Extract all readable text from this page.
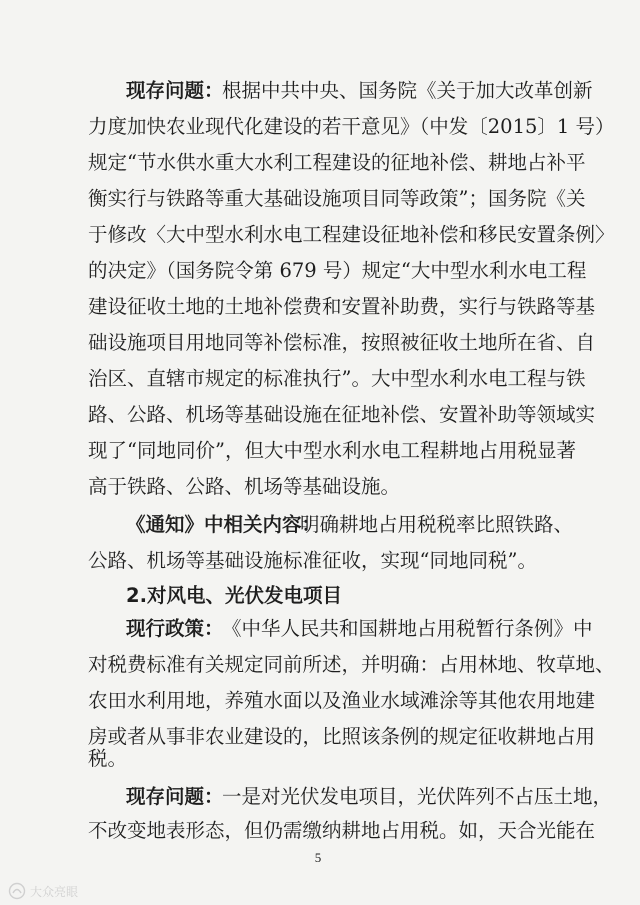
现存问题：
根据中共中央、国务院《关于加大改革创新
力度加快农业现代化建设的若干意见》（中发〔2015〕1 号）
规定“节水供水重大水利工程建设的征地补偿、耕地占补平
衡实行与铁路等重大基础设施项目同等政策”；国务院《关
于修改〈大中型水利水电工程建设征地补偿和移民安置条例〉
的决定》（国务院令第 679 号）规定“大中型水利水电工程
建设征收土地的土地补偿费和安置补助费，实行与铁路等基
础设施项目用地同等补偿标准，按照被征收土地所在省、自
治区、直辖市规定的标准执行”。大中型水利水电工程与铁
路、公路、机场等基础设施在征地补偿、安置补助等领域实
现了“同地同价”，但大中型水利水电工程耕地占用税显著
高于铁路、公路、机场等基础设施。
《通知》中相关内容：
明确耕地占用税税率比照铁路、
公路、机场等基础设施标准征收，实现“同地同税”。
2.对风电、光伏发电项目
现行政策：
《中华人民共和国耕地占用税暂行条例》中
对税费标准有关规定同前所述，并明确：占用林地、牧草地、
农田水利用地，养殖水面以及渔业水域滩涂等其他农用地建
房或者从事非农业建设的，比照该条例的规定征收耕地占用
税。
现存问题：
一是对光伏发电项目，光伏阵列不占压土地，
不改变地表形态，但仍需缴纳耕地占用税。如，天合光能在
5
大众亮眼
